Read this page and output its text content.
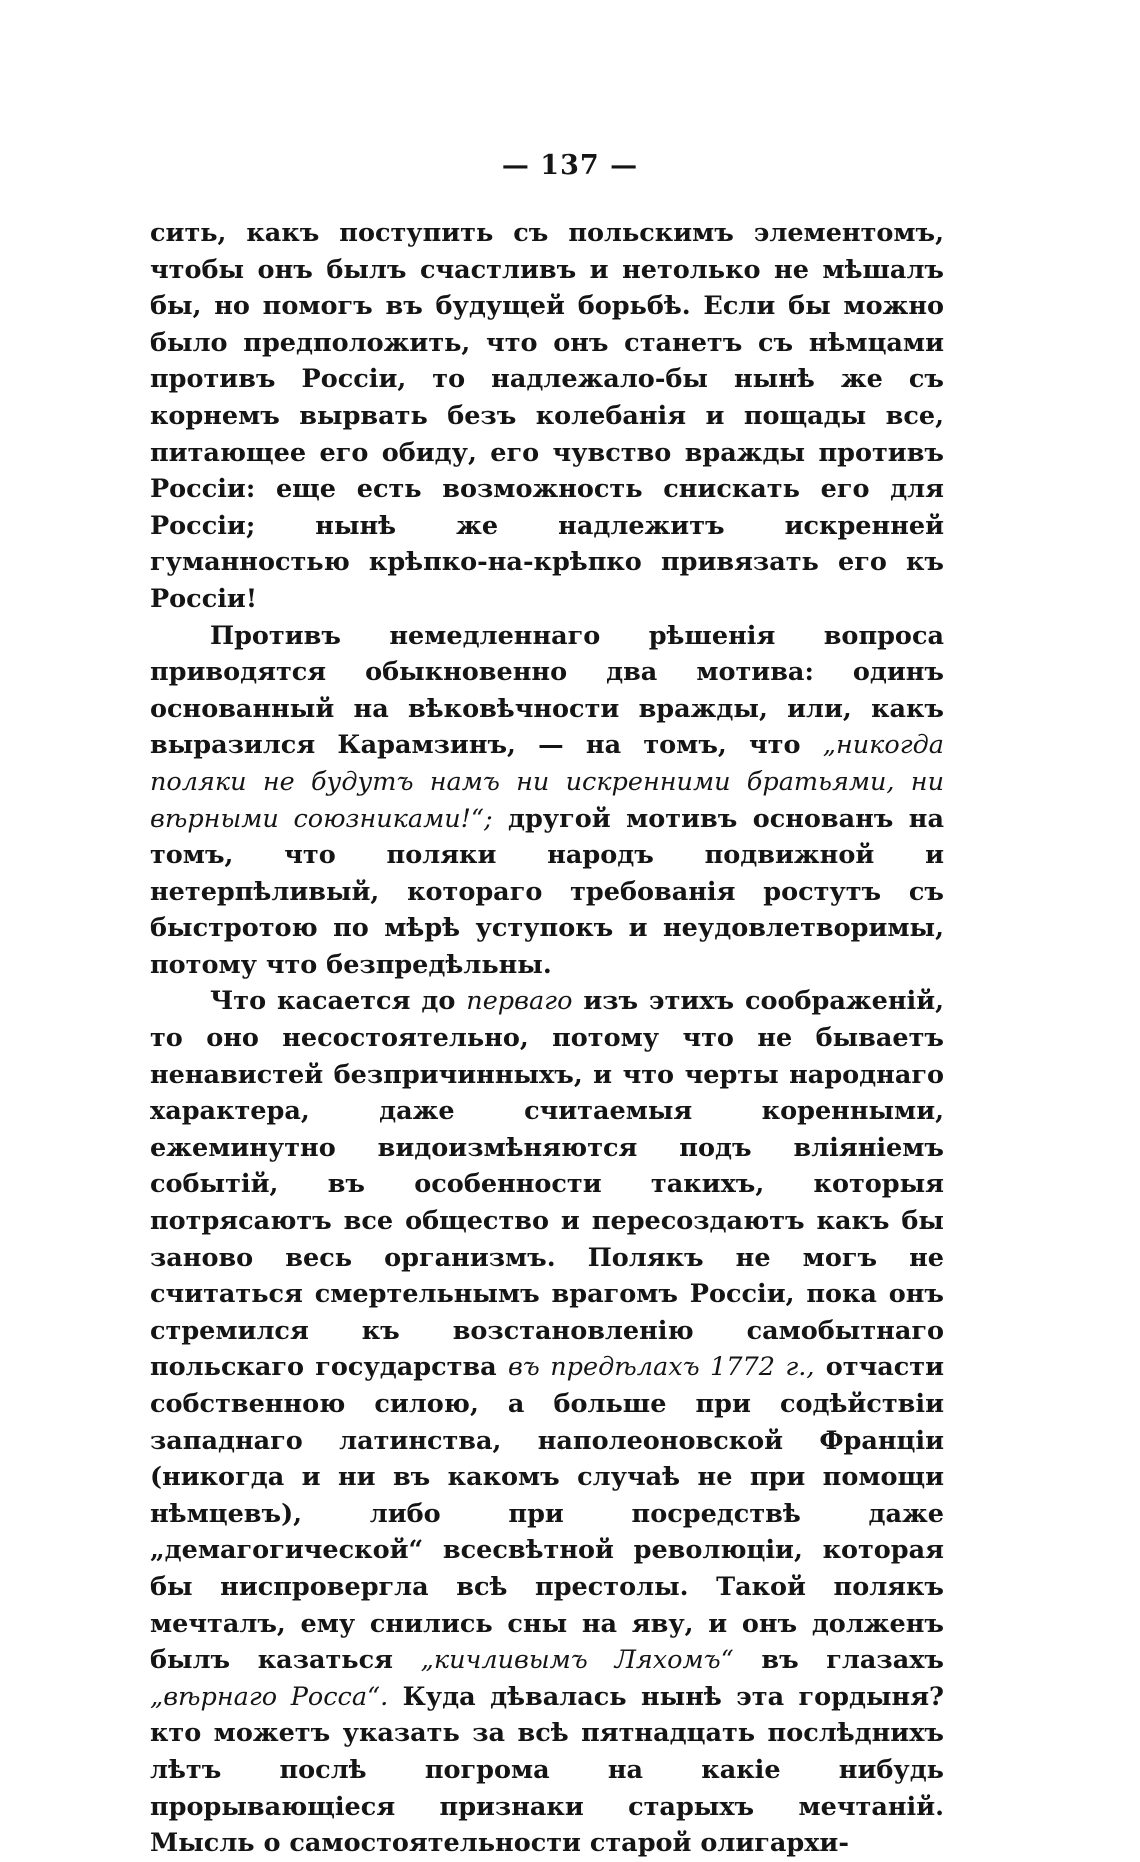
— 137 —

сить, какъ поступить съ польскимъ элементомъ, чтобы онъ былъ счастливъ и нетолько не мѣшалъ бы, но помогъ въ будущей борьбѣ. Если бы можно было предположить, что онъ станетъ съ нѣмцами противъ Россіи, то надлежало-бы нынѣ же съ корнемъ вырвать безъ колебанія и пощады все, питающее его обиду, его чувство вражды противъ Россіи: еще есть возможность снискать его для Россіи; нынѣ же надлежитъ искренней гуманностью крѣпко-на-крѣпко привязать его къ Россіи!

Противъ немедленнаго рѣшенія вопроса приводятся обыкновенно два мотива: одинъ основанный на вѣковѣчности вражды, или, какъ выразился Карамзинъ, — на томъ, что „никогда поляки не будутъ намъ ни искренними братьями, ни вѣрными союзниками!“; другой мотивъ основанъ на томъ, что поляки народъ подвижной и нетерпѣливый, котораго требованія ростутъ съ быстротою по мѣрѣ уступокъ и неудовлетворимы, потому что безпредѣльны.

Что касается до перваго изъ этихъ соображеній, то оно несостоятельно, потому что не бываетъ ненавистей безпричинныхъ, и что черты народнаго характера, даже считаемыя коренными, ежеминутно видоизмѣняются подъ вліяніемъ событій, въ особенности такихъ, которыя потрясаютъ все общество и пересоздаютъ какъ бы заново весь организмъ. Полякъ не могъ не считаться смертельнымъ врагомъ Россіи, пока онъ стремился къ возстановленію самобытнаго польскаго государства въ предѣлахъ 1772 г., отчасти собственною силою, а больше при содѣйствіи западнаго латинства, наполеоновской Франціи (никогда и ни въ какомъ случаѣ не при помощи нѣмцевъ), либо при посредствѣ даже „демагогической“ всесвѣтной революціи, которая бы ниспровергла всѣ престолы. Такой полякъ мечталъ, ему снились сны на яву, и онъ долженъ былъ казаться „кичливымъ Ляхомъ“ въ глазахъ „вѣрнаго Росса“. Куда дѣвалась нынѣ эта гордыня? кто можетъ указать за всѣ пятнадцать послѣднихъ лѣтъ послѣ погрома на какіе нибудь прорывающіеся признаки старыхъ мечтаній. Мысль о самостоятельности старой олигархи-
